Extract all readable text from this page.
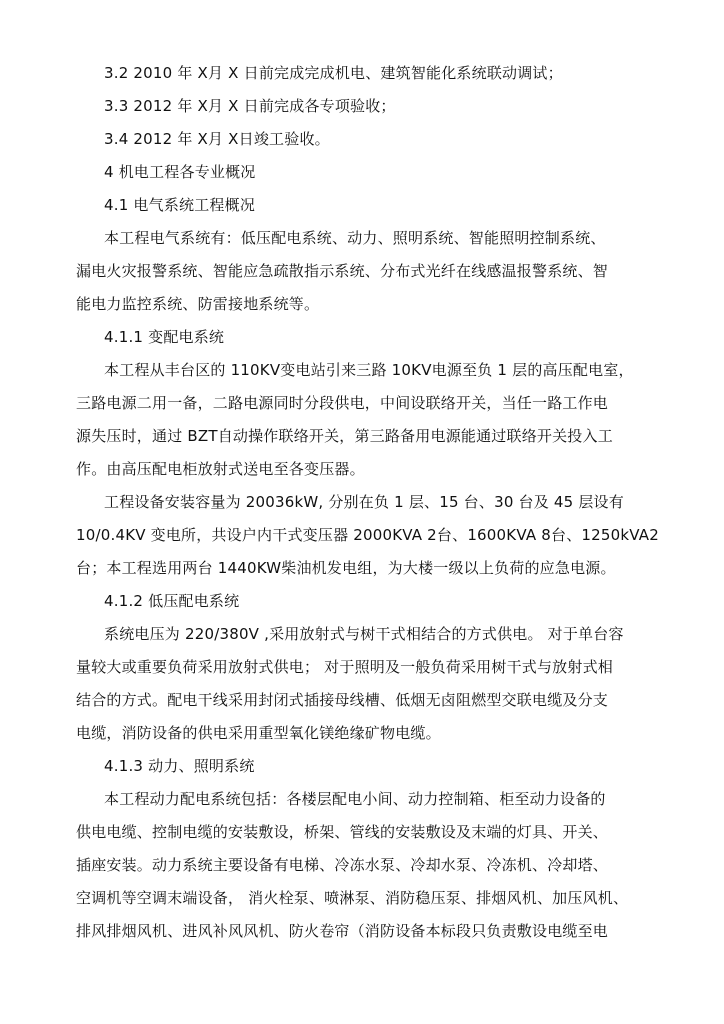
3.2 2010 年 X月 X 日前完成完成机电、建筑智能化系统联动调试；
3.3 2012 年 X月 X 日前完成各专项验收；
3.4 2012 年 X月 X日竣工验收。
4 机电工程各专业概况
4.1 电气系统工程概况
本工程电气系统有：低压配电系统、动力、照明系统、智能照明控制系统、
漏电火灾报警系统、智能应急疏散指示系统、分布式光纤在线感温报警系统、智
能电力监控系统、防雷接地系统等。
4.1.1 变配电系统
本工程从丰台区的 110KV变电站引来三路 10KV电源至负 1 层的高压配电室，
三路电源二用一备，二路电源同时分段供电，中间设联络开关，当任一路工作电
源失压时，通过 BZT自动操作联络开关，第三路备用电源能通过联络开关投入工
作。由高压配电柜放射式送电至各变压器。
工程设备安装容量为 20036kW, 分别在负 1 层、15 台、30 台及 45 层设有
10/0.4KV 变电所，共设户内干式变压器 2000KVA 2台、1600KVA 8台、1250kVA2
台；本工程选用两台 1440KW柴油机发电组，为大楼一级以上负荷的应急电源。
4.1.2 低压配电系统
系统电压为 220/380V ,采用放射式与树干式相结合的方式供电。 对于单台容
量较大或重要负荷采用放射式供电； 对于照明及一般负荷采用树干式与放射式相
结合的方式。配电干线采用封闭式插接母线槽、低烟无卤阻燃型交联电缆及分支
电缆，消防设备的供电采用重型氧化镁绝缘矿物电缆。
4.1.3 动力、照明系统
本工程动力配电系统包括：各楼层配电小间、动力控制箱、柜至动力设备的
供电电缆、控制电缆的安装敷设，桥架、管线的安装敷设及末端的灯具、开关、
插座安装。动力系统主要设备有电梯、冷冻水泵、冷却水泵、冷冻机、冷却塔、
空调机等空调末端设备， 消火栓泵、喷淋泵、消防稳压泵、排烟风机、加压风机、
排风排烟风机、进风补风风机、防火卷帘（消防设备本标段只负责敷设电缆至电
